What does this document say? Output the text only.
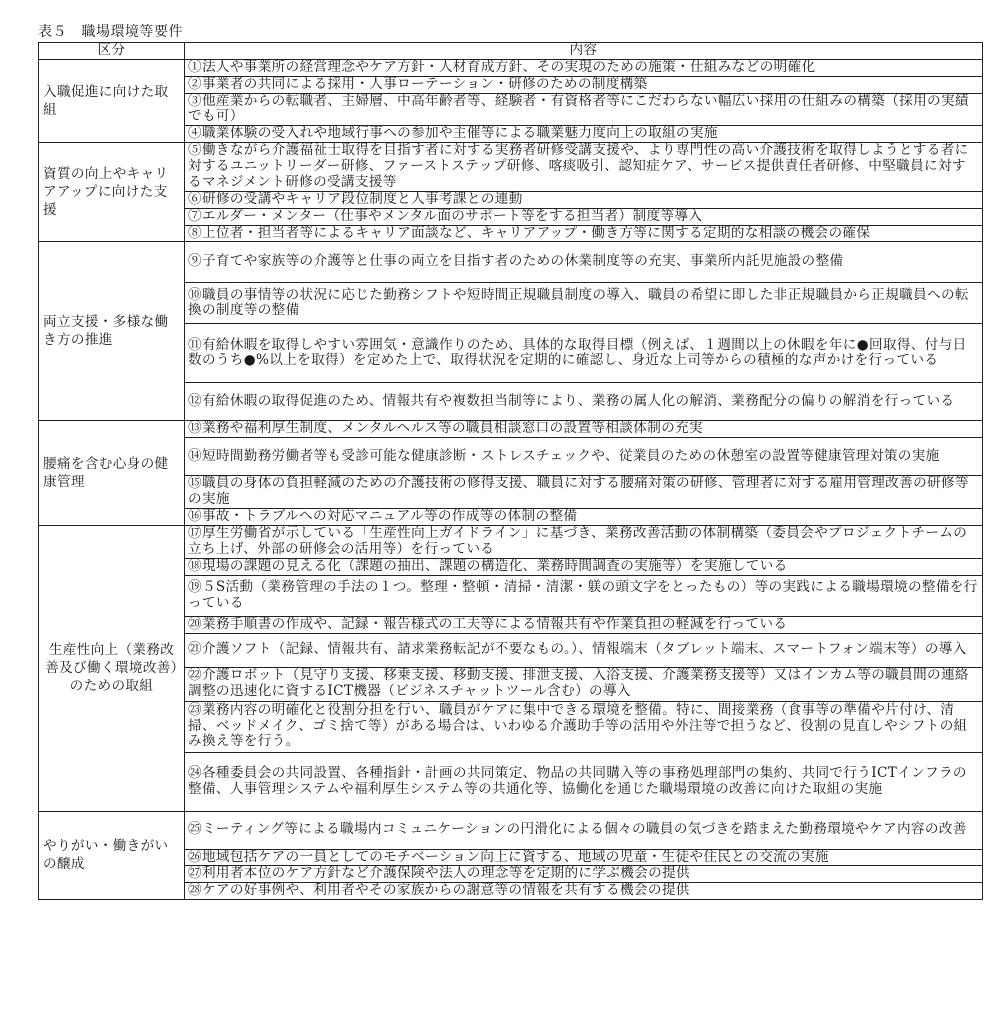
表５　職場環境等要件
区分	内容
入職促進に向けた取組	①法人や事業所の経営理念やケア方針・人材育成方針、その実現のための施策・仕組みなどの明確化
	②事業者の共同による採用・人事ローテーション・研修のための制度構築
	③他産業からの転職者、主婦層、中高年齢者等、経験者・有資格者等にこだわらない幅広い採用の仕組みの構築（採用の実績でも可）
	④職業体験の受入れや地域行事への参加や主催等による職業魅力度向上の取組の実施
資質の向上やキャリアアップに向けた支援	⑤働きながら介護福祉士取得を目指す者に対する実務者研修受講支援や、より専門性の高い介護技術を取得しようとする者に対するユニットリーダー研修、ファーストステップ研修、喀痰吸引、認知症ケア、サービス提供責任者研修、中堅職員に対するマネジメント研修の受講支援等
	⑥研修の受講やキャリア段位制度と人事考課との連動
	⑦エルダー・メンター（仕事やメンタル面のサポート等をする担当者）制度等導入
	⑧上位者・担当者等によるキャリア面談など、キャリアアップ・働き方等に関する定期的な相談の機会の確保
両立支援・多様な働き方の推進	⑨子育てや家族等の介護等と仕事の両立を目指す者のための休業制度等の充実、事業所内託児施設の整備
	⑩職員の事情等の状況に応じた勤務シフトや短時間正規職員制度の導入、職員の希望に即した非正規職員から正規職員への転換の制度等の整備
	⑪有給休暇を取得しやすい雰囲気・意識作りのため、具体的な取得目標（例えば、１週間以上の休暇を年に●回取得、付与日数のうち●%以上を取得）を定めた上で、取得状況を定期的に確認し、身近な上司等からの積極的な声かけを行っている
	⑫有給休暇の取得促進のため、情報共有や複数担当制等により、業務の属人化の解消、業務配分の偏りの解消を行っている
腰痛を含む心身の健康管理	⑬業務や福利厚生制度、メンタルヘルス等の職員相談窓口の設置等相談体制の充実
	⑭短時間勤務労働者等も受診可能な健康診断・ストレスチェックや、従業員のための休憩室の設置等健康管理対策の実施
	⑮職員の身体の負担軽減のための介護技術の修得支援、職員に対する腰痛対策の研修、管理者に対する雇用管理改善の研修等の実施
	⑯事故・トラブルへの対応マニュアル等の作成等の体制の整備
生産性向上（業務改善及び働く環境改善）のための取組	⑰厚生労働省が示している「生産性向上ガイドライン」に基づき、業務改善活動の体制構築（委員会やプロジェクトチームの立ち上げ、外部の研修会の活用等）を行っている
	⑱現場の課題の見える化（課題の抽出、課題の構造化、業務時間調査の実施等）を実施している
	⑲５S活動（業務管理の手法の１つ。整理・整頓・清掃・清潔・躾の頭文字をとったもの）等の実践による職場環境の整備を行っている
	⑳業務手順書の作成や、記録・報告様式の工夫等による情報共有や作業負担の軽減を行っている
	㉑介護ソフト（記録、情報共有、請求業務転記が不要なもの。）、情報端末（タブレット端末、スマートフォン端末等）の導入
	㉒介護ロボット（見守り支援、移乗支援、移動支援、排泄支援、入浴支援、介護業務支援等）又はインカム等の職員間の連絡調整の迅速化に資するICT機器（ビジネスチャットツール含む）の導入
	㉓業務内容の明確化と役割分担を行い、職員がケアに集中できる環境を整備。特に、間接業務（食事等の準備や片付け、清掃、ベッドメイク、ゴミ捨て等）がある場合は、いわゆる介護助手等の活用や外注等で担うなど、役割の見直しやシフトの組み換え等を行う。
	㉔各種委員会の共同設置、各種指針・計画の共同策定、物品の共同購入等の事務処理部門の集約、共同で行うICTインフラの整備、人事管理システムや福利厚生システム等の共通化等、協働化を通じた職場環境の改善に向けた取組の実施
やりがい・働きがいの醸成	㉕ミーティング等による職場内コミュニケーションの円滑化による個々の職員の気づきを踏まえた勤務環境やケア内容の改善
	㉖地域包括ケアの一員としてのモチベーション向上に資する、地域の児童・生徒や住民との交流の実施
	㉗利用者本位のケア方針など介護保険や法人の理念等を定期的に学ぶ機会の提供
	㉘ケアの好事例や、利用者やその家族からの謝意等の情報を共有する機会の提供
